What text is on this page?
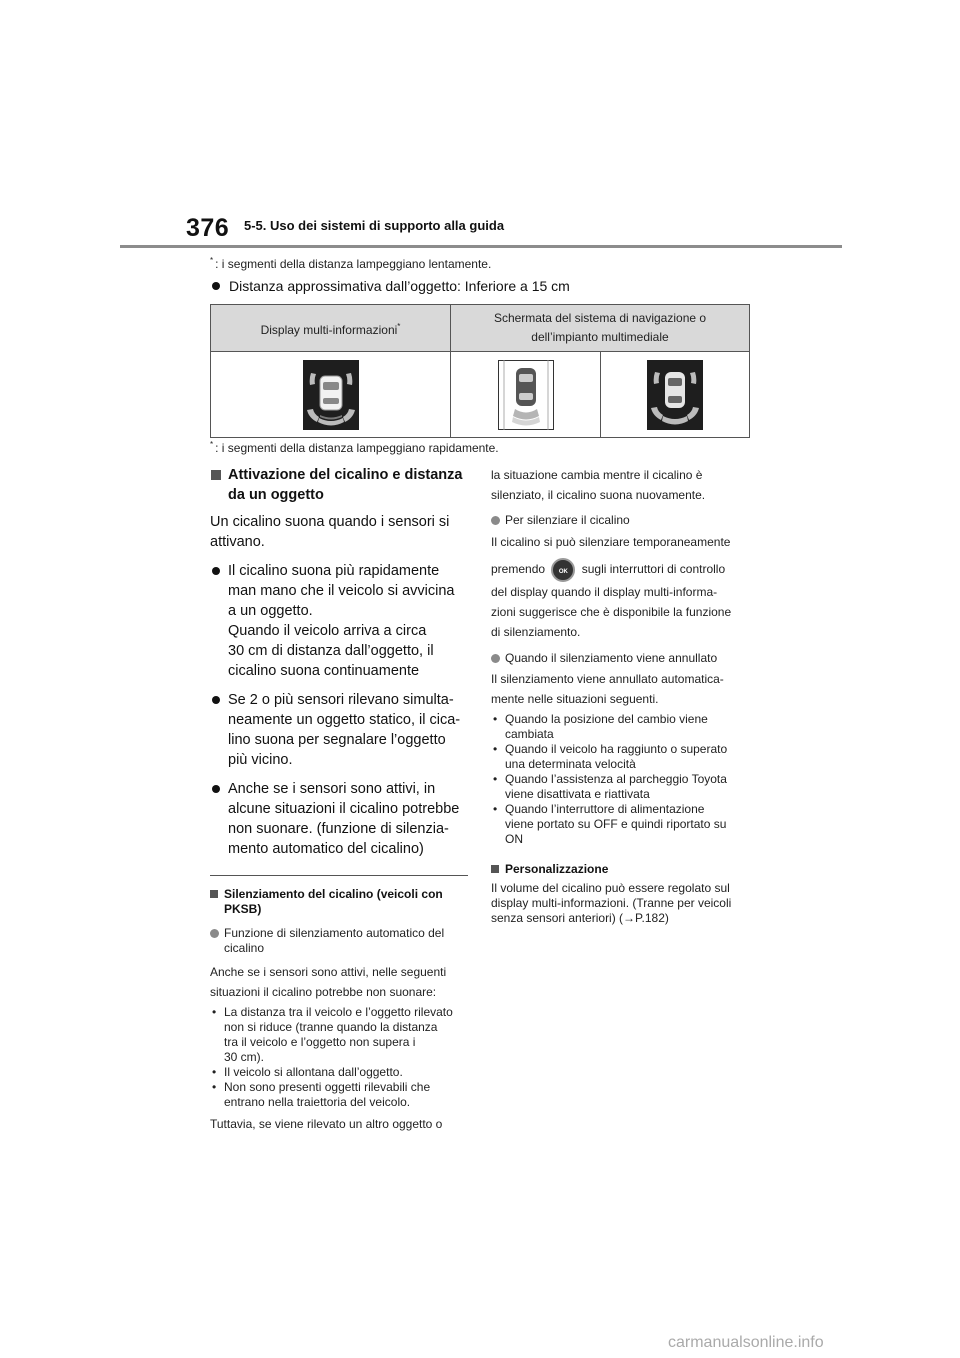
376 5-5. Uso dei sistemi di supporto alla guida
* : i segmenti della distanza lampeggiano lentamente.
Distanza approssimativa dall’oggetto: Inferiore a 15 cm
Display multi-informazioni*	Schermata del sistema di navigazione o
dell’impianto multimediale	

* : i segmenti della distanza lampeggiano rapidamente.
Attivazione del cicalino e distanza
da un oggetto
Un cicalino suona quando i sensori si
attivano.
Il cicalino suona più rapidamente
man mano che il veicolo si avvicina
a un oggetto.
Quando il veicolo arriva a circa
30 cm di distanza dall’oggetto, il
cicalino suona continuamente
Se 2 o più sensori rilevano simulta-
neamente un oggetto statico, il cica-
lino suona per segnalare l’oggetto
più vicino.
Anche se i sensori sono attivi, in
alcune situazioni il cicalino potrebbe
non suonare. (funzione di silenzia-
mento automatico del cicalino)
Silenziamento del cicalino (veicoli con
PKSB)
Funzione di silenziamento automatico del
cicalino
Anche se i sensori sono attivi, nelle seguenti
situazioni il cicalino potrebbe non suonare:
• La distanza tra il veicolo e l’oggetto rilevato
non si riduce (tranne quando la distanza
tra il veicolo e l’oggetto non supera i
30 cm).
• Il veicolo si allontana dall’oggetto.
• Non sono presenti oggetti rilevabili che
entrano nella traiettoria del veicolo.
Tuttavia, se viene rilevato un altro oggetto o
la situazione cambia mentre il cicalino è
silenziato, il cicalino suona nuovamente.
Per silenziare il cicalino
Il cicalino si può silenziare temporaneamente
premendo OK sugli interruttori di controllo
del display quando il display multi-informa-
zioni suggerisce che è disponibile la funzione
di silenziamento.
Quando il silenziamento viene annullato
Il silenziamento viene annullato automatica-
mente nelle situazioni seguenti.
• Quando la posizione del cambio viene
cambiata
• Quando il veicolo ha raggiunto o superato
una determinata velocità
• Quando l’assistenza al parcheggio Toyota
viene disattivata e riattivata
• Quando l’interruttore di alimentazione
viene portato su OFF e quindi riportato su
ON
Personalizzazione
Il volume del cicalino può essere regolato sul
display multi-informazioni. (Tranne per veicoli
senza sensori anteriori) (→P.182)
carmanualsonline.info
